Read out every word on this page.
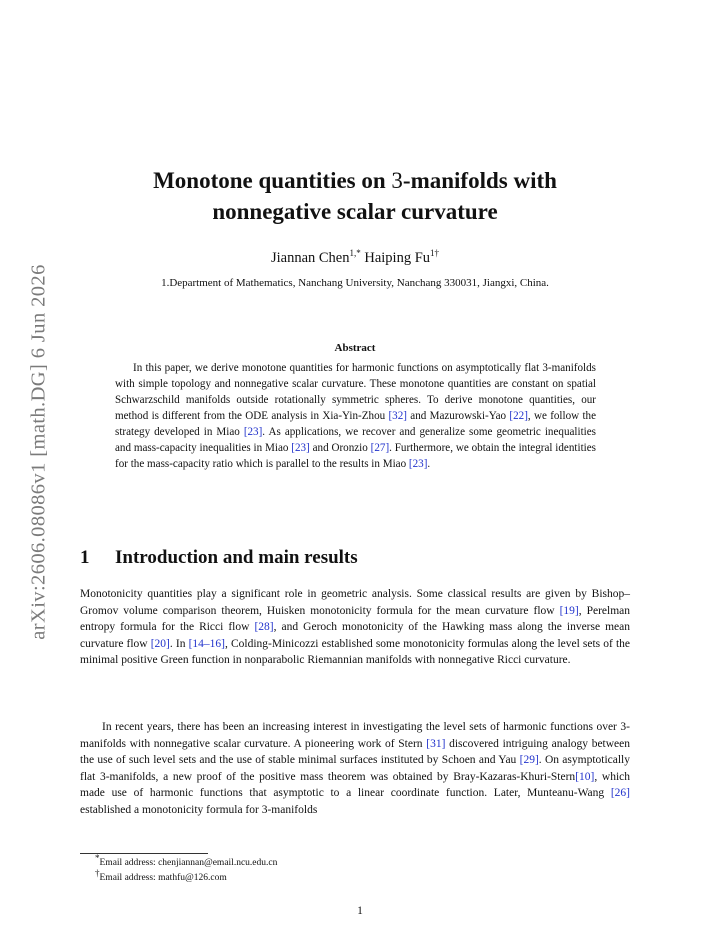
arXiv:2606.08086v1 [math.DG] 6 Jun 2026
Monotone quantities on 3-manifolds with
nonnegative scalar curvature
Jiannan Chen$^{1,*}$ Haiping $Fu^{1\dagger}$
1.Department of Mathematics, Nanchang University, Nanchang 330031, Jiangxi, China.
Abstract
In this paper, we derive monotone quantities for harmonic functions on asymptotically flat 3-manifolds with simple topology and nonnegative scalar curvature. These monotone quantities are constant on spatial Schwarzschild manifolds outside rotationally symmetric spheres. To derive monotone quantities, our method is different from the ODE analysis in Xia-Yin-Zhou [32] and Mazurowski-Yao [22], we follow the strategy developed in Miao [23]. As applications, we recover and generalize some geometric inequalities and mass-capacity inequalities in Miao [23] and Oronzio [27]. Furthermore, we obtain the integral identities for the mass-capacity ratio which is parallel to the results in Miao [23].
1 Introduction and main results
Monotonicity quantities play a significant role in geometric analysis. Some classical results are given by Bishop–Gromov volume comparison theorem, Huisken monotonicity formula for the mean curvature flow [19], Perelman entropy formula for the Ricci flow [28], and Geroch monotonicity of the Hawking mass along the inverse mean curvature flow [20]. In [14–16], Colding-Minicozzi established some monotonicity formulas along the level sets of the minimal positive Green function in nonparabolic Riemannian manifolds with nonnegative Ricci curvature.
In recent years, there has been an increasing interest in investigating the level sets of harmonic functions over 3-manifolds with nonnegative scalar curvature. A pioneering work of Stern [31] discovered intriguing analogy between the use of such level sets and the use of stable minimal surfaces instituted by Schoen and Yau [29]. On asymptotically flat 3-manifolds, a new proof of the positive mass theorem was obtained by Bray-Kazaras-Khuri-Stern[10], which made use of harmonic functions that asymptotic to a linear coordinate function. Later, Munteanu-Wang [26] established a monotonicity formula for 3-manifolds
*Email address: chenjiannan@email.ncu.edu.cn
†Email address: mathfu@126.com
1
